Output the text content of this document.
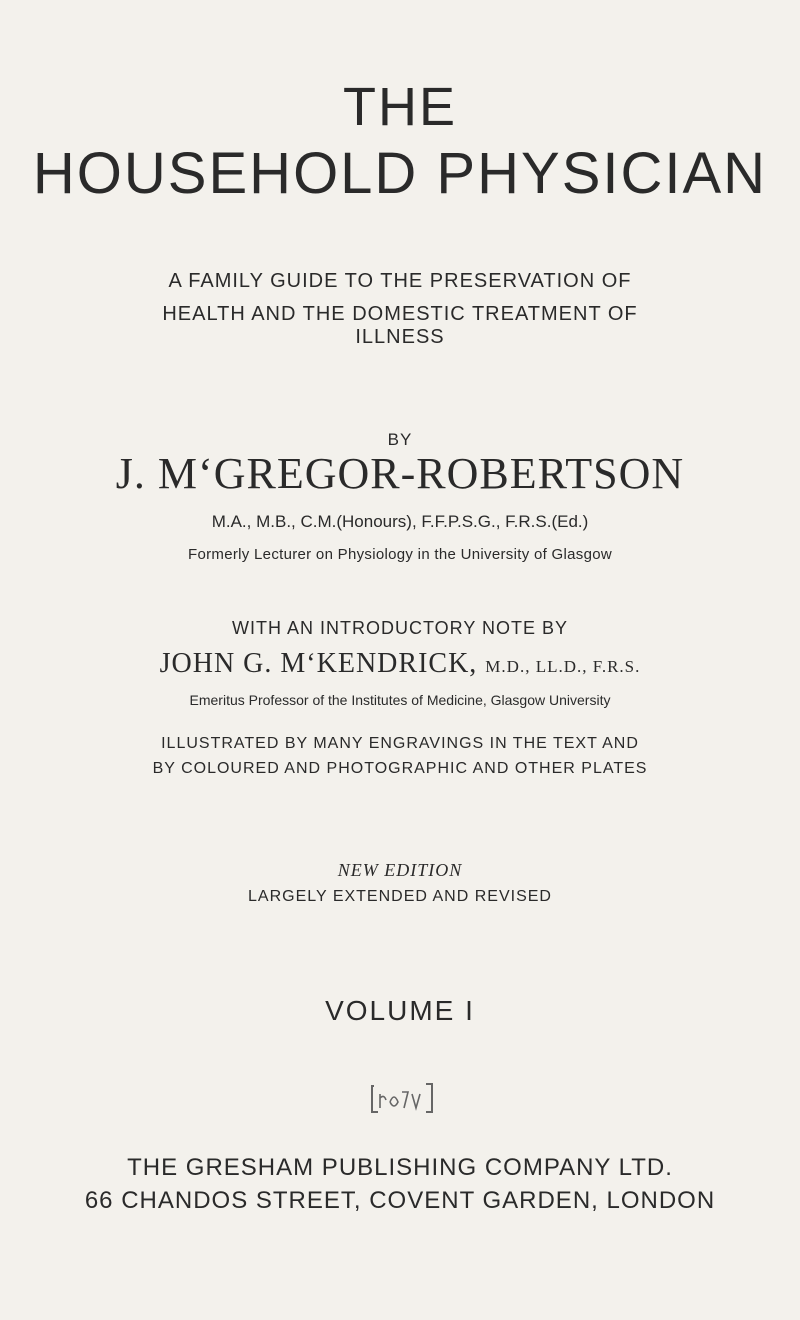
THE
HOUSEHOLD PHYSICIAN
A FAMILY GUIDE TO THE PRESERVATION OF
HEALTH AND THE DOMESTIC TREATMENT OF
ILLNESS
BY
J. M‘GREGOR-ROBERTSON
M.A., M.B., C.M.(Honours), F.F.P.S.G., F.R.S.(Ed.)
Formerly Lecturer on Physiology in the University of Glasgow
WITH AN INTRODUCTORY NOTE BY
JOHN G. M‘KENDRICK, M.D., LL.D., F.R.S.
Emeritus Professor of the Institutes of Medicine, Glasgow University
ILLUSTRATED BY MANY ENGRAVINGS IN THE TEXT AND
BY COLOURED AND PHOTOGRAPHIC AND OTHER PLATES
NEW EDITION
LARGELY EXTENDED AND REVISED
VOLUME I
THE GRESHAM PUBLISHING COMPANY LTD.
66 CHANDOS STREET, COVENT GARDEN, LONDON
